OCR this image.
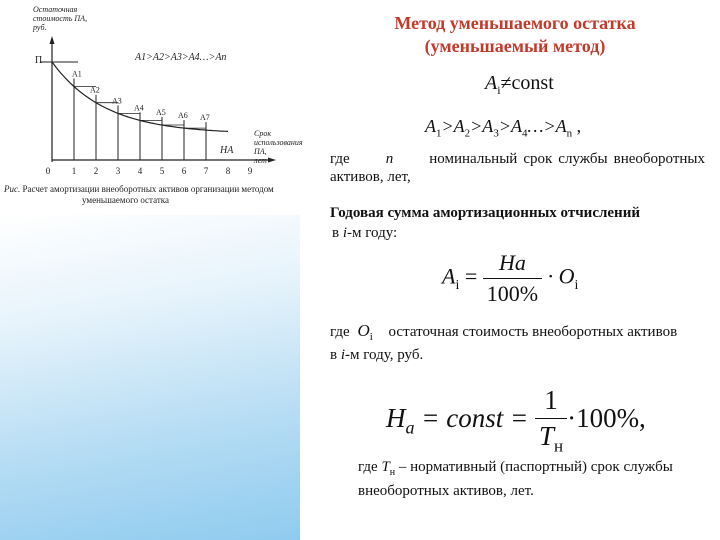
0 1 2 3 4 5 6 7 8 9
А1
А2
А3
А4
А5 А6 А7
Остаточная
стоимость ПА,
руб.
П	А1>А2>А3>А4…>Аn
НА
Срок
использования ПА,
лет
Рис. Расчет амортизации внеоборотных активов организации методом
уменьшаемого остатка
Метод уменьшаемого остатка
(уменьшаемый метод)
$A_i\ne const$
$A_1>A_2>A_3>A_4\dots>A_n$ ,
где n номинальный срок службы внеоборотных активов, лет,
Годовая сумма амортизационных отчислений
в i-м году:
$A_i = \frac{На}{100\%} \cdot O_i$
где $O_i$ остаточная стоимость внеоборотных активов
в i-м году, руб.
$H_a$ = const = $\frac{1}{T_н} \cdot 100\%$,
где $Т_н$ – нормативный (паспортный) срок службы внеоборотных активов, лет.
